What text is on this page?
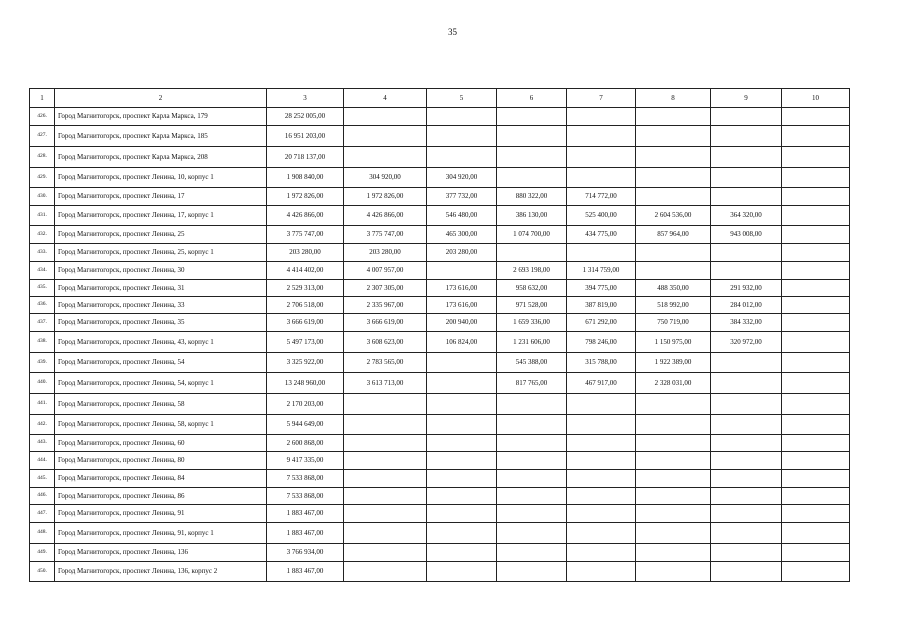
35
1	2	3	4	5	6	7	8	9	10
426.	Город Магнитогорск, проспект Карла Маркса, 179	28 252 005,00							
427.	Город Магнитогорск, проспект Карла Маркса, 185	16 951 203,00							
428.	Город Магнитогорск, проспект Карла Маркса, 208	20 718 137,00							
429.	Город Магнитогорск, проспект Ленина, 10, корпус 1	1 908 840,00	304 920,00	304 920,00					
430.	Город Магнитогорск, проспект Ленина, 17	1 972 826,00	1 972 826,00	377 732,00	880 322,00	714 772,00			
431.	Город Магнитогорск, проспект Ленина, 17, корпус 1	4 426 866,00	4 426 866,00	546 480,00	386 130,00	525 400,00	2 604 536,00	364 320,00	
432.	Город Магнитогорск, проспект Ленина, 25	3 775 747,00	3 775 747,00	465 300,00	1 074 700,00	434 775,00	857 964,00	943 008,00	
433.	Город Магнитогорск, проспект Ленина, 25, корпус 1	203 280,00	203 280,00	203 280,00					
434.	Город Магнитогорск, проспект Ленина, 30	4 414 402,00	4 007 957,00		2 693 198,00	1 314 759,00			
435.	Город Магнитогорск, проспект Ленина, 31	2 529 313,00	2 307 305,00	173 616,00	958 632,00	394 775,00	488 350,00	291 932,00	
436.	Город Магнитогорск, проспект Ленина, 33	2 706 518,00	2 335 967,00	173 616,00	971 528,00	387 819,00	518 992,00	284 012,00	
437.	Город Магнитогорск, проспект Ленина, 35	3 666 619,00	3 666 619,00	200 940,00	1 659 336,00	671 292,00	750 719,00	384 332,00	
438.	Город Магнитогорск, проспект Ленина, 43, корпус 1	5 497 173,00	3 608 623,00	106 824,00	1 231 606,00	798 246,00	1 150 975,00	320 972,00	
439.	Город Магнитогорск, проспект Ленина, 54	3 325 922,00	2 783 565,00		545 388,00	315 788,00	1 922 389,00		
440.	Город Магнитогорск, проспект Ленина, 54, корпус 1	13 248 960,00	3 613 713,00		817 765,00	467 917,00	2 328 031,00		
441.	Город Магнитогорск, проспект Ленина, 58	2 170 203,00							
442.	Город Магнитогорск, проспект Ленина, 58, корпус 1	5 944 649,00							
443.	Город Магнитогорск, проспект Ленина, 60	2 600 868,00							
444.	Город Магнитогорск, проспект Ленина, 80	9 417 335,00							
445.	Город Магнитогорск, проспект Ленина, 84	7 533 868,00							
446.	Город Магнитогорск, проспект Ленина, 86	7 533 868,00							
447.	Город Магнитогорск, проспект Ленина, 91	1 883 467,00							
448.	Город Магнитогорск, проспект Ленина, 91, корпус 1	1 883 467,00							
449.	Город Магнитогорск, проспект Ленина, 136	3 766 934,00							
450.	Город Магнитогорск, проспект Ленина, 136, корпус 2	1 883 467,00							
